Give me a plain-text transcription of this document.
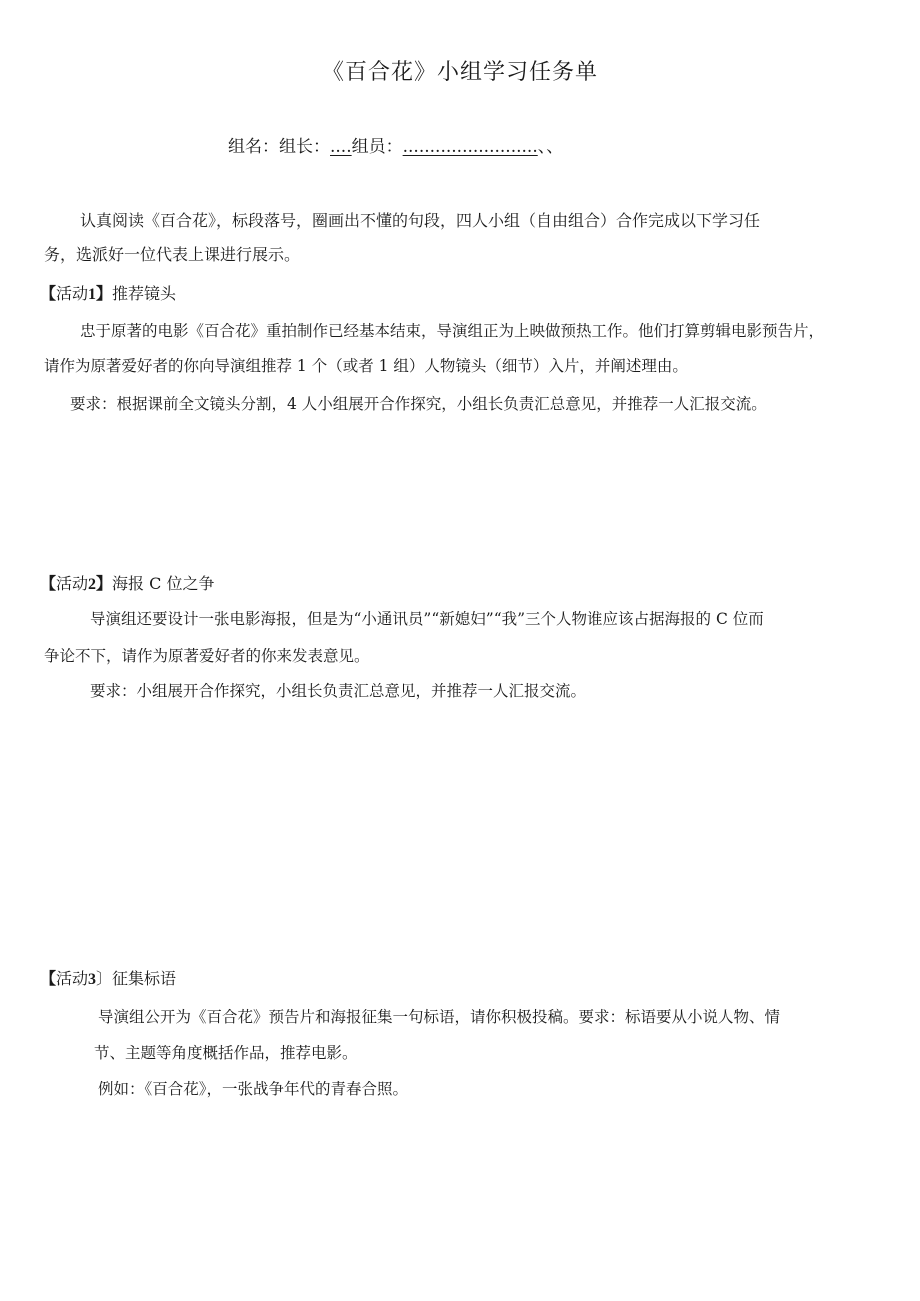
《百合花》小组学习任务单
组名：组长：....组员：.........................、、
认真阅读《百合花》，标段落号，圈画出不懂的句段，四人小组（自由组合）合作完成以下学习任
务，选派好一位代表上课进行展示。
【活动1】推荐镜头
忠于原著的电影《百合花》重拍制作已经基本结束，导演组正为上映做预热工作。他们打算剪辑电影预告片，
请作为原著爱好者的你向导演组推荐 1 个（或者 1 组）人物镜头（细节）入片，并阐述理由。
要求：根据课前全文镜头分割，4 人小组展开合作探究，小组长负责汇总意见，并推荐一人汇报交流。
【活动2】海报 C 位之争
导演组还要设计一张电影海报，但是为“小通讯员”“新媳妇”“我”三个人物谁应该占据海报的 C 位而
争论不下，请作为原著爱好者的你来发表意见。
要求：小组展开合作探究，小组长负责汇总意见，并推荐一人汇报交流。
【活动3〕征集标语
导演组公开为《百合花》预告片和海报征集一句标语，请你积极投稿。要求：标语要从小说人物、情
节、主题等角度概括作品，推荐电影。
例如：《百合花》，一张战争年代的青春合照。
